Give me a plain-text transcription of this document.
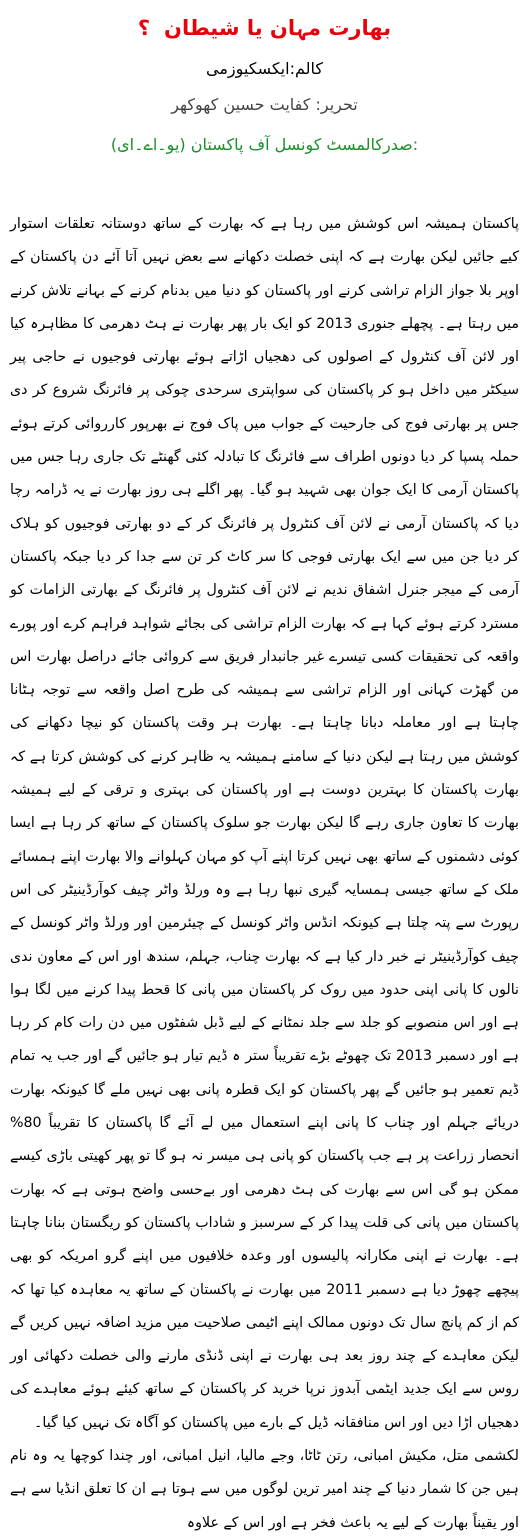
بھارت مہان یا شیطان؟
کالم:ایکسکیوزمی
تحریر: کفایت حسین کھوکھر
:صدرکالمسٹ کونسل آف پاکستان (یو۔اے۔ای)

پاکستان ہمیشہ اس کوشش میں رہا ہے کہ بھارت کے ساتھ دوستانہ تعلقات استوار کیے جائیں لیکن بھارت ہے کہ اپنی خصلت دکھانے سے بعض نہیں آتا آئے دن پاکستان کے اوپر بلا جواز الزام تراشی کرنے اور پاکستان کو دنیا میں بدنام کرنے کے بہانے تلاش کرنے میں رہتا ہے۔ پچھلے جنوری 2013 کو ایک بار پھر بھارت نے ہٹ دھرمی کا مظاہرہ کیا اور لائن آف کنٹرول کے اصولوں کی دھجیاں اڑاتے ہوئے بھارتی فوجیوں نے حاجی پیر سیکٹر میں داخل ہو کر پاکستان کی سواپتری سرحدی چوکی پر فائرنگ شروع کر دی جس پر بھارتی فوج کی جارحیت کے جواب میں پاک فوج نے بھرپور کارروائی کرتے ہوئے حملہ پسپا کر دیا دونوں اطراف سے فائرنگ کا تبادلہ کئی گھنٹے تک جاری رہا جس میں پاکستان آرمی کا ایک جوان بھی شہید ہو گیا۔ پھر اگلے ہی روز بھارت نے یہ ڈرامہ رچا دیا کہ پاکستان آرمی نے لائن آف کنٹرول پر فائرنگ کر کے دو بھارتی فوجیوں کو ہلاک کر دیا جن میں سے ایک بھارتی فوجی کا سر کاٹ کر تن سے جدا کر دیا جبکہ پاکستان آرمی کے میجر جنرل اشفاق ندیم نے لائن آف کنٹرول پر فائرنگ کے بھارتی الزامات کو مسترد کرتے ہوئے کہا ہے کہ بھارت الزام تراشی کی بجائے شواہد فراہم کرے اور پورے واقعہ کی تحقیقات کسی تیسرے غیر جانبدار فریق سے کروائی جائے دراصل بھارت اس من گھڑت کہانی اور الزام تراشی سے ہمیشہ کی طرح اصل واقعہ سے توجہ ہٹانا چاہتا ہے اور معاملہ دبانا چاہتا ہے۔ بھارت ہر وقت پاکستان کو نیچا دکھانے کی کوشش میں رہتا ہے لیکن دنیا کے سامنے ہمیشہ یہ ظاہر کرنے کی کوشش کرتا ہے کہ بھارت پاکستان کا بہترین دوست ہے اور پاکستان کی بہتری و ترقی کے لیے ہمیشہ بھارت کا تعاون جاری رہے گا لیکن بھارت جو سلوک پاکستان کے ساتھ کر رہا ہے ایسا کوئی دشمنوں کے ساتھ بھی نہیں کرتا اپنے آپ کو مہان کہلوانے والا بھارت اپنے ہمسائے ملک کے ساتھ جیسی ہمسایہ گیری نبھا رہا ہے وہ ورلڈ واٹر چیف کوآرڈینیٹر کی اس رپورٹ سے پتہ چلتا ہے کیونکہ انڈس واٹر کونسل کے چیئرمین اور ورلڈ واٹر کونسل کے چیف کوآرڈینیٹر نے خبر دار کیا ہے کہ بھارت چناب، جہلم، سندھ اور اس کے معاون ندی نالوں کا پانی اپنی حدود میں روک کر پاکستان میں پانی کا قحط پیدا کرنے میں لگا ہوا ہے اور اس منصوبے کو جلد سے جلد نمٹانے کے لیے ڈبل شفٹوں میں دن رات کام کر رہا ہے اور دسمبر 2013 تک چھوٹے بڑے تقریباً ستر ہ ڈیم تیار ہو جائیں گے اور جب یہ تمام ڈیم تعمیر ہو جائیں گے پھر پاکستان کو ایک قطرہ پانی بھی نہیں ملے گا کیونکہ بھارت دریائے جہلم اور چناب کا پانی اپنے استعمال میں لے آئے گا پاکستان کا تقریباً 80% انحصار زراعت پر ہے جب پاکستان کو پانی ہی میسر نہ ہو گا تو پھر کھیتی باڑی کیسے ممکن ہو گی اس سے بھارت کی ہٹ دھرمی اور بےحسی واضح ہوتی ہے کہ بھارت پاکستان میں پانی کی قلت پیدا کر کے سرسبز و شاداب پاکستان کو ریگستان بنانا چاہتا ہے۔ بھارت نے اپنی مکارانہ پالیسوں اور وعدہ خلافیوں میں اپنے گرو امریکہ کو بھی پیچھے چھوڑ دیا ہے دسمبر 2011 میں بھارت نے پاکستان کے ساتھ یہ معاہدہ کیا تھا کہ کم از کم پانچ سال تک دونوں ممالک اپنے اٹیمی صلاحیت میں مزید اضافہ نہیں کریں گے لیکن معاہدے کے چند روز بعد ہی بھارت نے اپنی ڈنڈی مارنے والی خصلت دکھائی اور روس سے ایک جدید ایٹمی آبدوز نرپا خرید کر پاکستان کے ساتھ کیئے ہوئے معاہدے کی دھجیاں اڑا دیں اور اس منافقانہ ڈیل کے بارے میں پاکستان کو آگاہ تک نہیں کیا گیا۔

لکشمی متل، مکیش امبانی، رتن ٹاٹا، وجے مالیا، انیل امبانی، اور چندا کوچھا یہ وہ نام ہیں جن کا شمار دنیا کے چند امیر ترین لوگوں میں سے ہوتا ہے ان کا تعلق انڈیا سے ہے اور یقیناً بھارت کے لیے یہ باعث فخر ہے اور اس کے علاوہ
